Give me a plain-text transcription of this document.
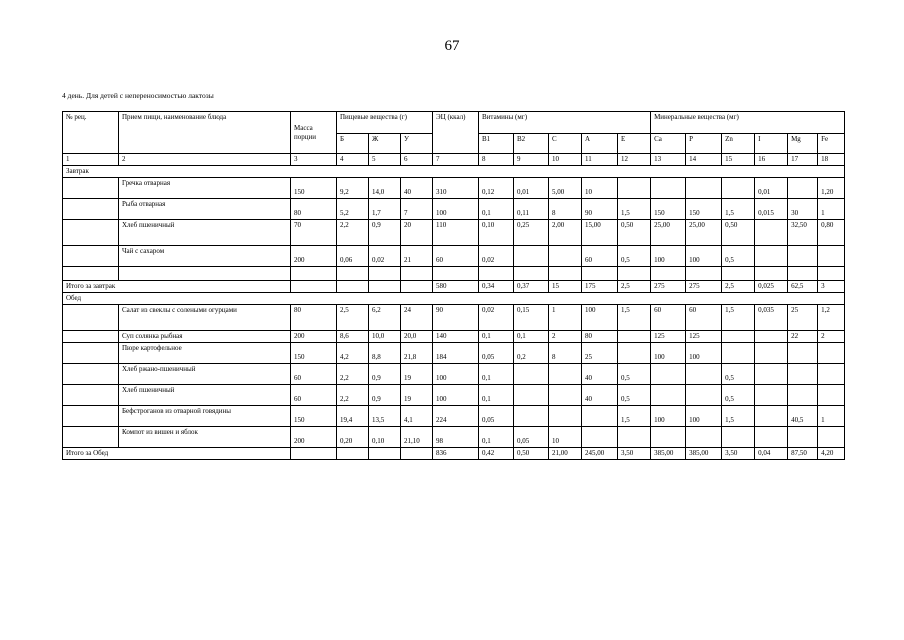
67
4 день. Для детей с непереносимостью лактозы
№ рец.	Прием пищи, наименование блюда	Масса порции	Пищевые вещества (г)			ЭЦ (ккал)	Витамины (мг)					Минеральные вещества (мг)					
			Б	Ж	У		В1	В2	С	А	Е	Ca	P	Zn	I	Mg	Fe
1	2	3	4	5	6	7	8	9	10	11	12	13	14	15	16	17	18
Завтрак																	
	Гречка отварная	150	9,2	14,0	40	310	0,12	0,01	5,00	10					0,01		1,20
	Рыба отварная	80	5,2	1,7	7	100	0,1	0,11	8	90	1,5	150	150	1,5	0,015	30	1
	Хлеб пшеничный	70	2,2	0,9	20	110	0,10	0,25	2,00	15,00	0,50	25,00	25,00	0,50		32,50	0,80
	Чай с сахаром	200	0,06	0,02	21	60	0,02			60	0,5	100	100	0,5			

Итого за завтрак						580	0,34	0,37	15	175	2,5	275	275	2,5	0,025	62,5	3
Обед																	
	Салат из свеклы с солеными огурцами	80	2,5	6,2	24	90	0,02	0,15	1	100	1,5	60	60	1,5	0,035	25	1,2
	Суп солянка рыбная	200	8,6	10,0	20,0	140	0,1	0,1	2	80		125	125			22	2
	Пюре картофельное	150	4,2	8,8	21,8	184	0,05	0,2	8	25		100	100				
	Хлеб ржано-пшеничный	60	2,2	0,9	19	100	0,1			40	0,5			0,5			
	Хлеб пшеничный	60	2,2	0,9	19	100	0,1			40	0,5			0,5			
	Бефстроганов из отварной говядины	150	19,4	13,5	4,1	224	0,05				1,5	100	100	1,5		40,5	1
	Компот из вишен и яблок	200	0,20	0,10	21,10	98	0,1	0,05	10								
Итого за Обед						836	0,42	0,50	21,00	245,00	3,50	385,00	385,00	3,50	0,04	87,50	4,20
